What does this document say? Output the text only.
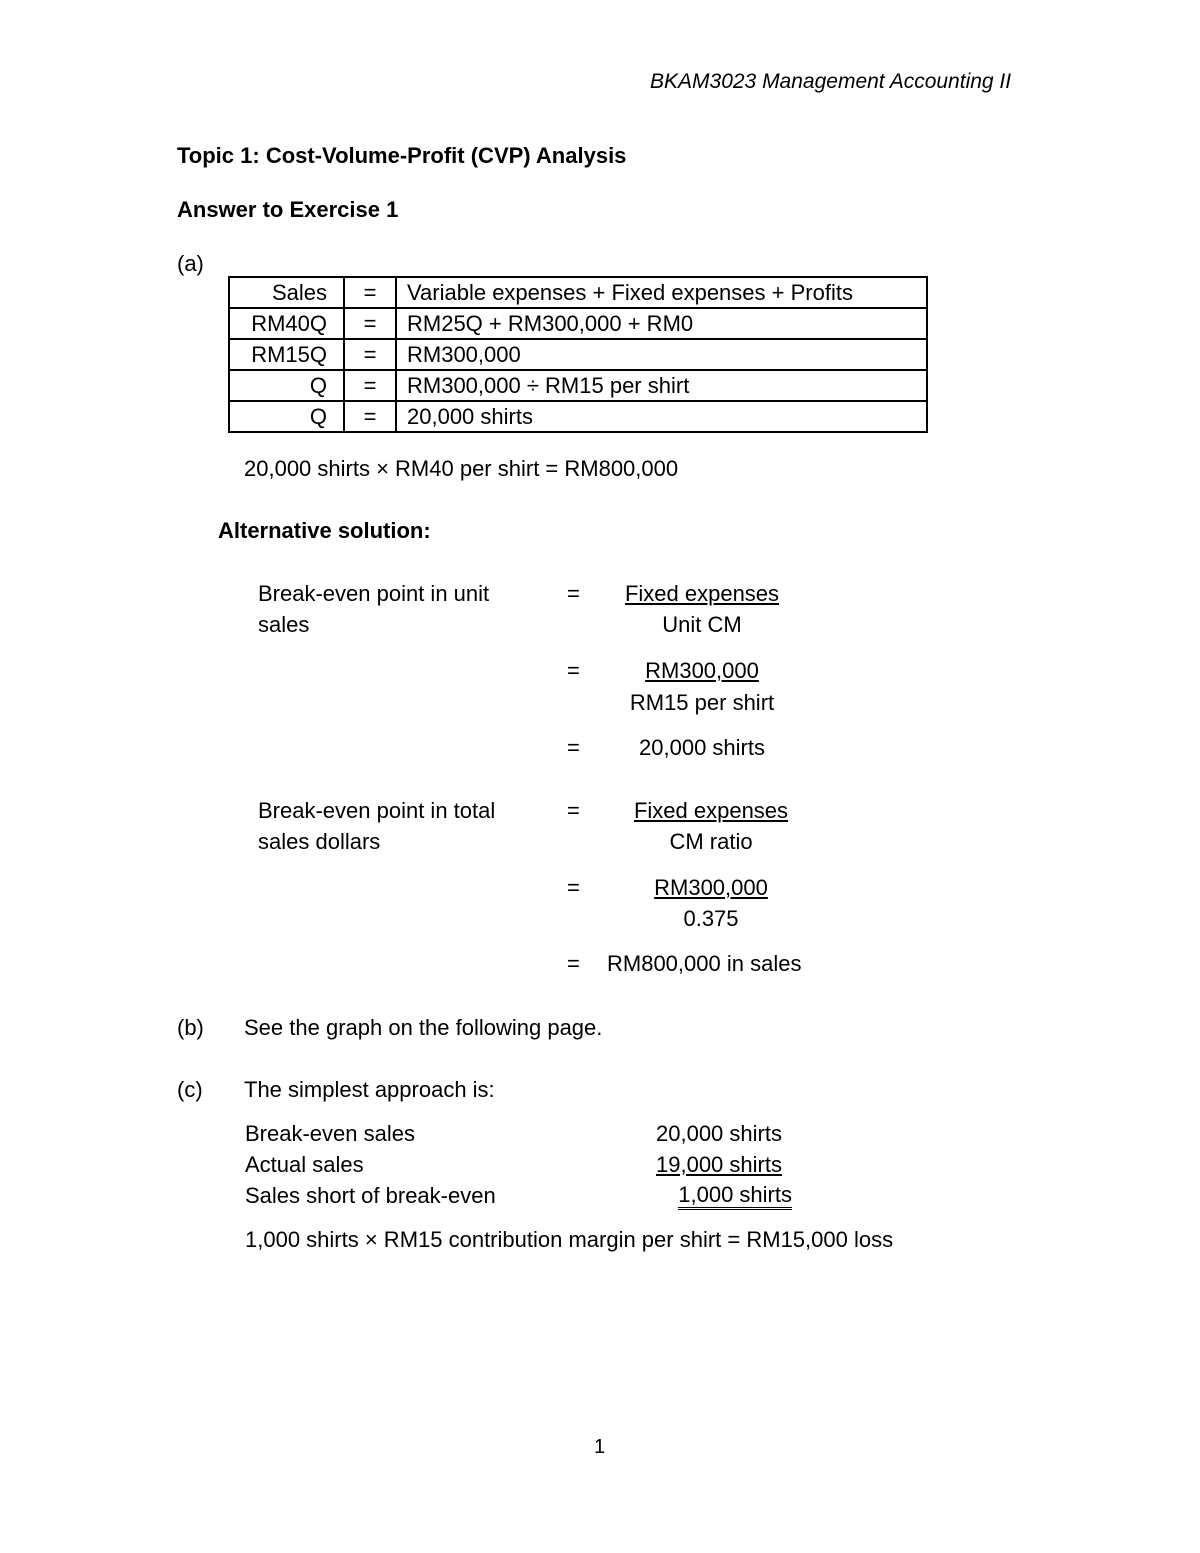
BKAM3023 Management Accounting II
Topic 1: Cost-Volume-Profit (CVP) Analysis
Answer to Exercise 1
(a)
Sales	=	Variable expenses + Fixed expenses + Profits
RM40Q	=	RM25Q + RM300,000 + RM0
RM15Q	=	RM300,000
Q	=	RM300,000 ÷ RM15 per shirt
Q	=	20,000 shirts
20,000 shirts × RM40 per shirt = RM800,000
Alternative solution:
Break-even point in unit
sales
=	Fixed expenses
Unit CM
=	RM300,000
RM15 per shirt
=	20,000 shirts
Break-even point in total
sales dollars
=	Fixed expenses
CM ratio
=	RM300,000
0.375
= RM800,000 in sales
(b) See the graph on the following page.
(c) The simplest approach is:
Break-even sales	20,000 shirts
Actual sales	19,000 shirts
Sales short of break-even	1,000 shirts
1,000 shirts × RM15 contribution margin per shirt = RM15,000 loss
1
